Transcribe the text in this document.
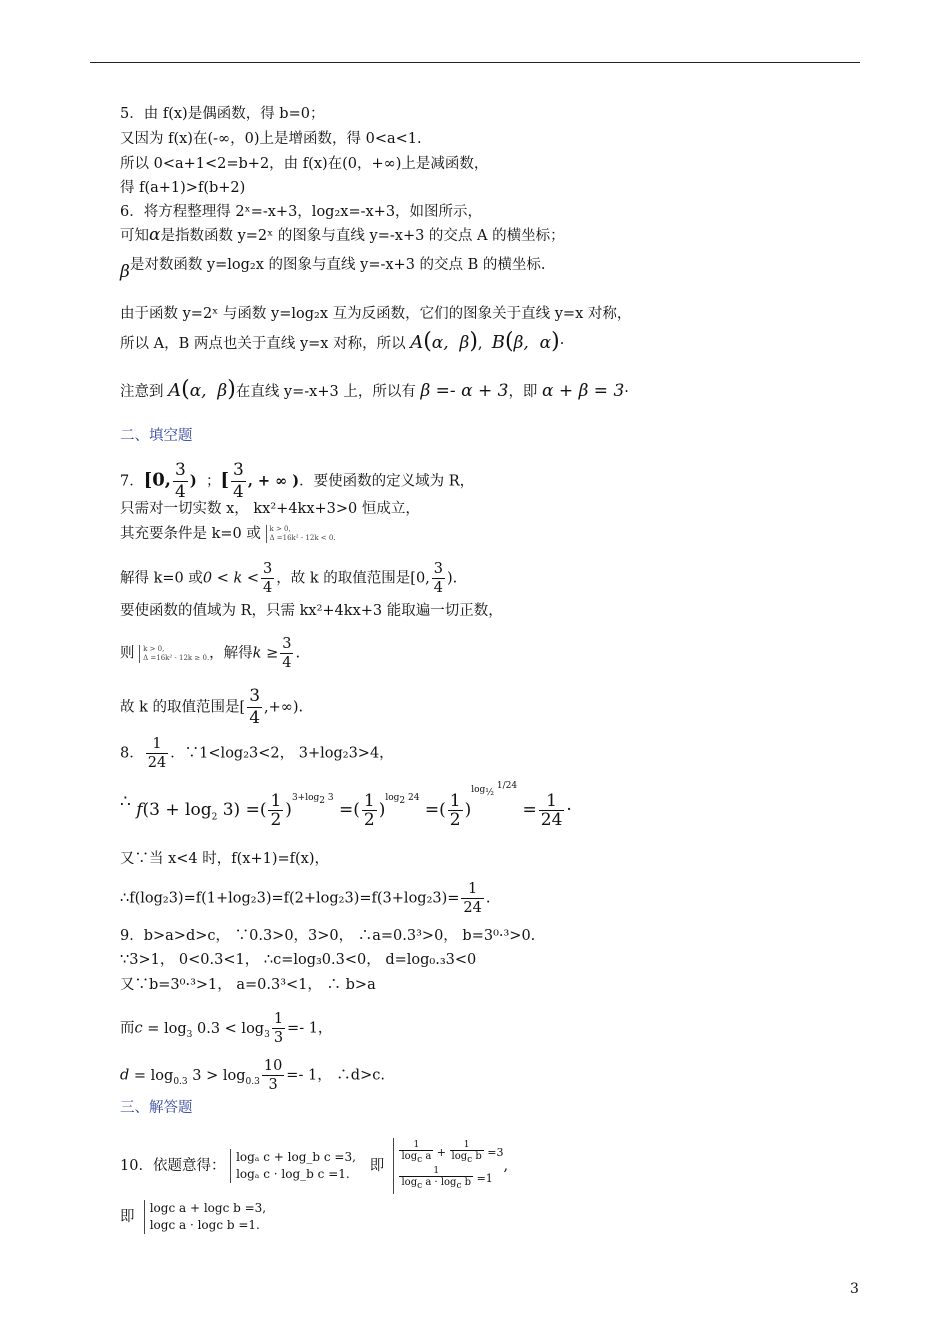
5．由 f(x)是偶函数，得 b=0；
又因为 f(x)在(-∞，0)上是增函数，得 0<a<1.
所以 0<a+1<2=b+2，由 f(x)在(0，+∞)上是减函数，
得 f(a+1)>f(b+2)
6．将方程整理得 2ˣ=-x+3，log₂x=-x+3，如图所示，
可知α是指数函数 y=2ˣ 的图象与直线 y=-x+3 的交点 A 的横坐标；
β是对数函数 y=log₂x 的图象与直线 y=-x+3 的交点 B 的横坐标.
由于函数 y=2ˣ 与函数 y=log₂x 互为反函数，它们的图象关于直线 y=x 对称，
所以 A，B 两点也关于直线 y=x 对称，所以 A(α,  β),  B(β,  α)·
注意到 A(α,  β)在直线 y=-x+3 上，所以有 β =- α + 3，即 α + β = 3·
二、填空题
7．[0, $\frac{3}{4}$ )  ；[ $\frac{3}{4}$ , + ∞ )．要使函数的定义域为 R，
只需对一切实数 x， kx²+4kx+3>0 恒成立，
其充要条件是 k=0 或 k > 0,
Δ =16k² - 12k < 0.
解得 k=0 或$0 < k < \frac{3}{4}$ ，故 k 的取值范围是[0, $\frac{3}{4}$ ).
要使函数的值域为 R，只需 kx²+4kx+3 能取遍一切正数，
则 k > 0,
Δ =16k² - 12k ≥ 0. ，解得$k \ge \frac{3}{4}$ .
故 k 的取值范围是[ $\frac{3}{4}$ ,+∞).
8． $\frac{1}{24}$ ．∵1<log₂3<2， 3+log₂3>4，
∴ $f(3 + \log_2 3)$ =( $\frac{1}{2} )^{3+log_2 3}$ =( $\frac{1}{2} )^{log_2 24}$ =( $\frac{1}{2} )^{log_{\frac{1}{2}} ^{1/24}} = \frac{1}{24}$ ·
又∵当 x<4 时，f(x+1)=f(x)，
∴f(log₂3)=f(1+log₂3)=f(2+log₂3)=f(3+log₂3)= $\frac{1}{24}$ .
9．b>a>d>c， ∵0.3>0，3>0， ∴a=0.3³>0， b=3⁰·³>0.
∵3>1， 0<0.3<1， ∴c=log₃0.3<0， d=log₀.₃3<0
又∵b=3⁰·³>1， a=0.3³<1， ∴ b>a
而$c = \log_3 0.3 < \log_3 \frac{1}{3} =- 1$，
$d = \log_{0.3} 3 > \log_{0.3} \frac{10}{3} =- 1$， ∴d>c.
三、解答题
10．依题意得：
logₐ c + log_b c =3,
logₐ c · log_b c =1.	即 $\frac{1}{\log_c a} + \frac{1}{\log_c b} =3$
$\frac{1}{\log_c a \cdot \log_c b} =1$
,
即
logc a + logc b =3,
logc a · logc b =1.
3
